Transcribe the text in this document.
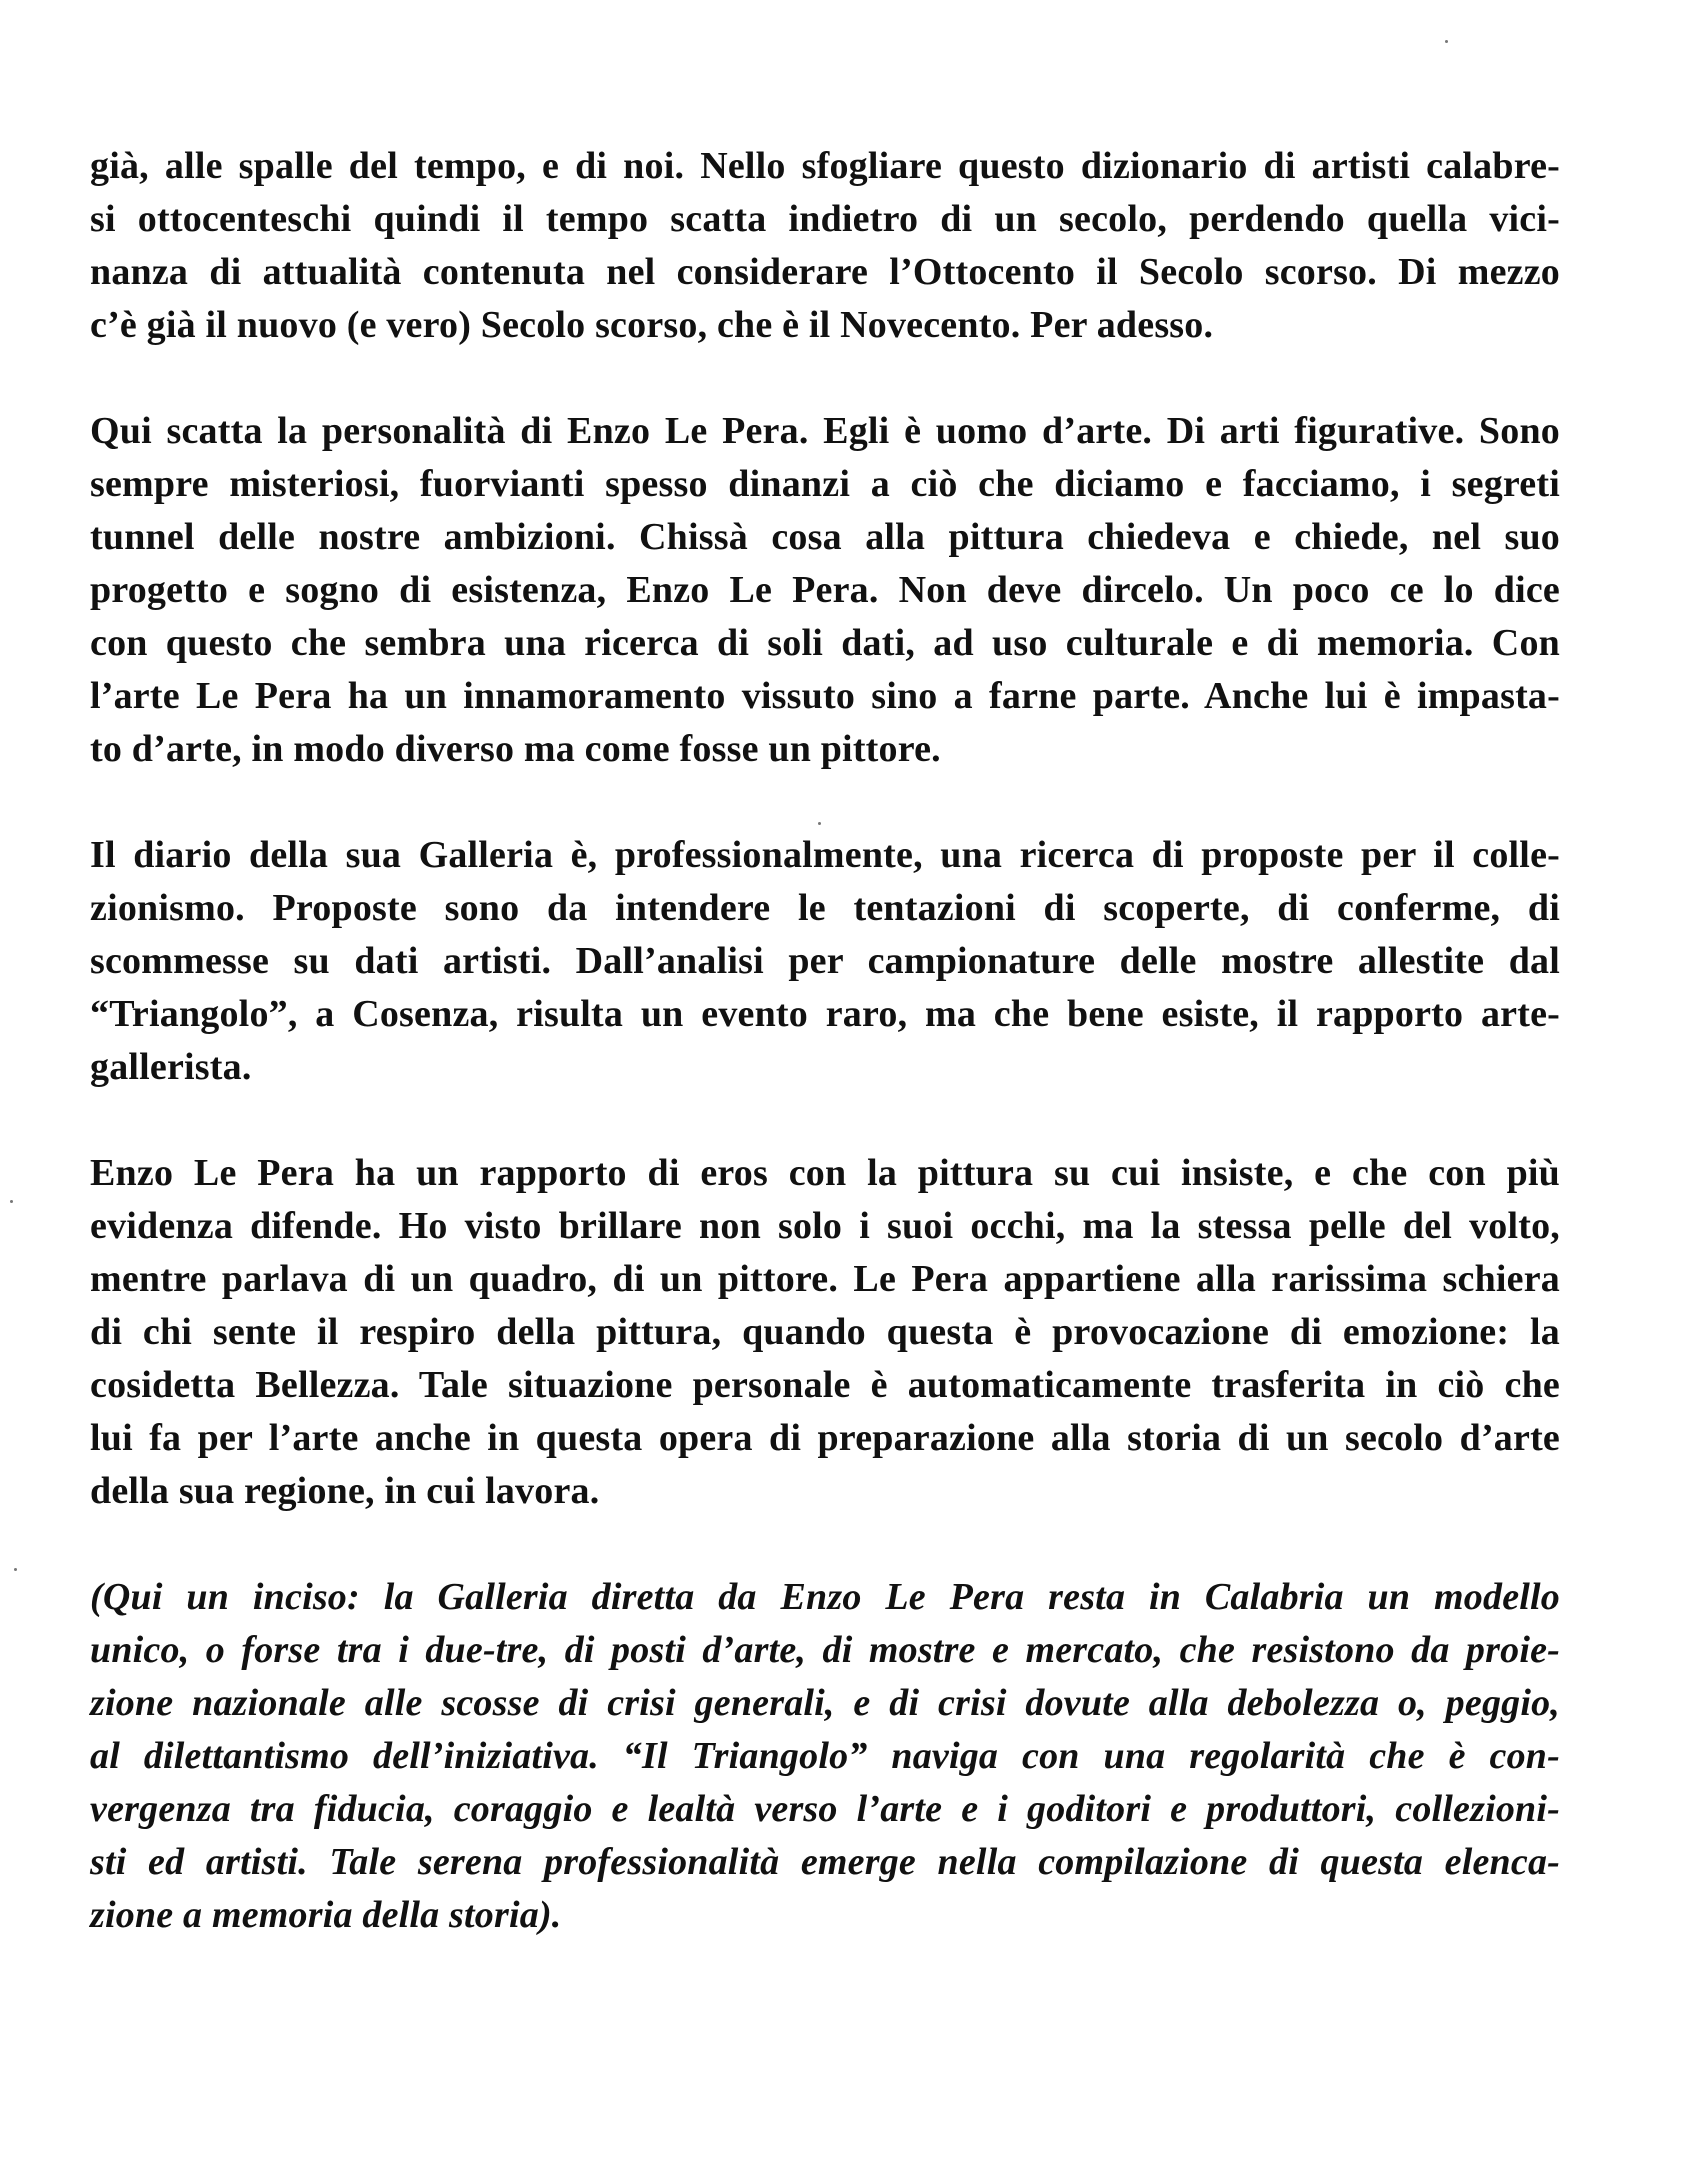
già, alle spalle del tempo, e di noi. Nello sfogliare questo dizionario di artisti calabre-
si ottocenteschi quindi il tempo scatta indietro di un secolo, perdendo quella vici-
nanza di attualità contenuta nel considerare l’Ottocento il Secolo scorso. Di mezzo
c’è già il nuovo (e vero) Secolo scorso, che è il Novecento. Per adesso.

Qui scatta la personalità di Enzo Le Pera. Egli è uomo d’arte. Di arti figurative. Sono
sempre misteriosi, fuorvianti spesso dinanzi a ciò che diciamo e facciamo, i segreti
tunnel delle nostre ambizioni. Chissà cosa alla pittura chiedeva e chiede, nel suo
progetto e sogno di esistenza, Enzo Le Pera. Non deve dircelo. Un poco ce lo dice
con questo che sembra una ricerca di soli dati, ad uso culturale e di memoria. Con
l’arte Le Pera ha un innamoramento vissuto sino a farne parte. Anche lui è impasta-
to d’arte, in modo diverso ma come fosse un pittore.

Il diario della sua Galleria è, professionalmente, una ricerca di proposte per il colle-
zionismo. Proposte sono da intendere le tentazioni di scoperte, di conferme, di
scommesse su dati artisti. Dall’analisi per campionature delle mostre allestite dal
“Triangolo”, a Cosenza, risulta un evento raro, ma che bene esiste, il rapporto arte-
gallerista.

Enzo Le Pera ha un rapporto di eros con la pittura su cui insiste, e che con più
evidenza difende. Ho visto brillare non solo i suoi occhi, ma la stessa pelle del volto,
mentre parlava di un quadro, di un pittore. Le Pera appartiene alla rarissima schiera
di chi sente il respiro della pittura, quando questa è provocazione di emozione: la
cosidetta Bellezza. Tale situazione personale è automaticamente trasferita in ciò che
lui fa per l’arte anche in questa opera di preparazione alla storia di un secolo d’arte
della sua regione, in cui lavora.

(Qui un inciso: la Galleria diretta da Enzo Le Pera resta in Calabria un modello
unico, o forse tra i due-tre, di posti d’arte, di mostre e mercato, che resistono da proie-
zione nazionale alle scosse di crisi generali, e di crisi dovute alla debolezza o, peggio,
al dilettantismo dell’iniziativa. “Il Triangolo” naviga con una regolarità che è con-
vergenza tra fiducia, coraggio e lealtà verso l’arte e i goditori e produttori, collezioni-
sti ed artisti. Tale serena professionalità emerge nella compilazione di questa elenca-
zione a memoria della storia).
